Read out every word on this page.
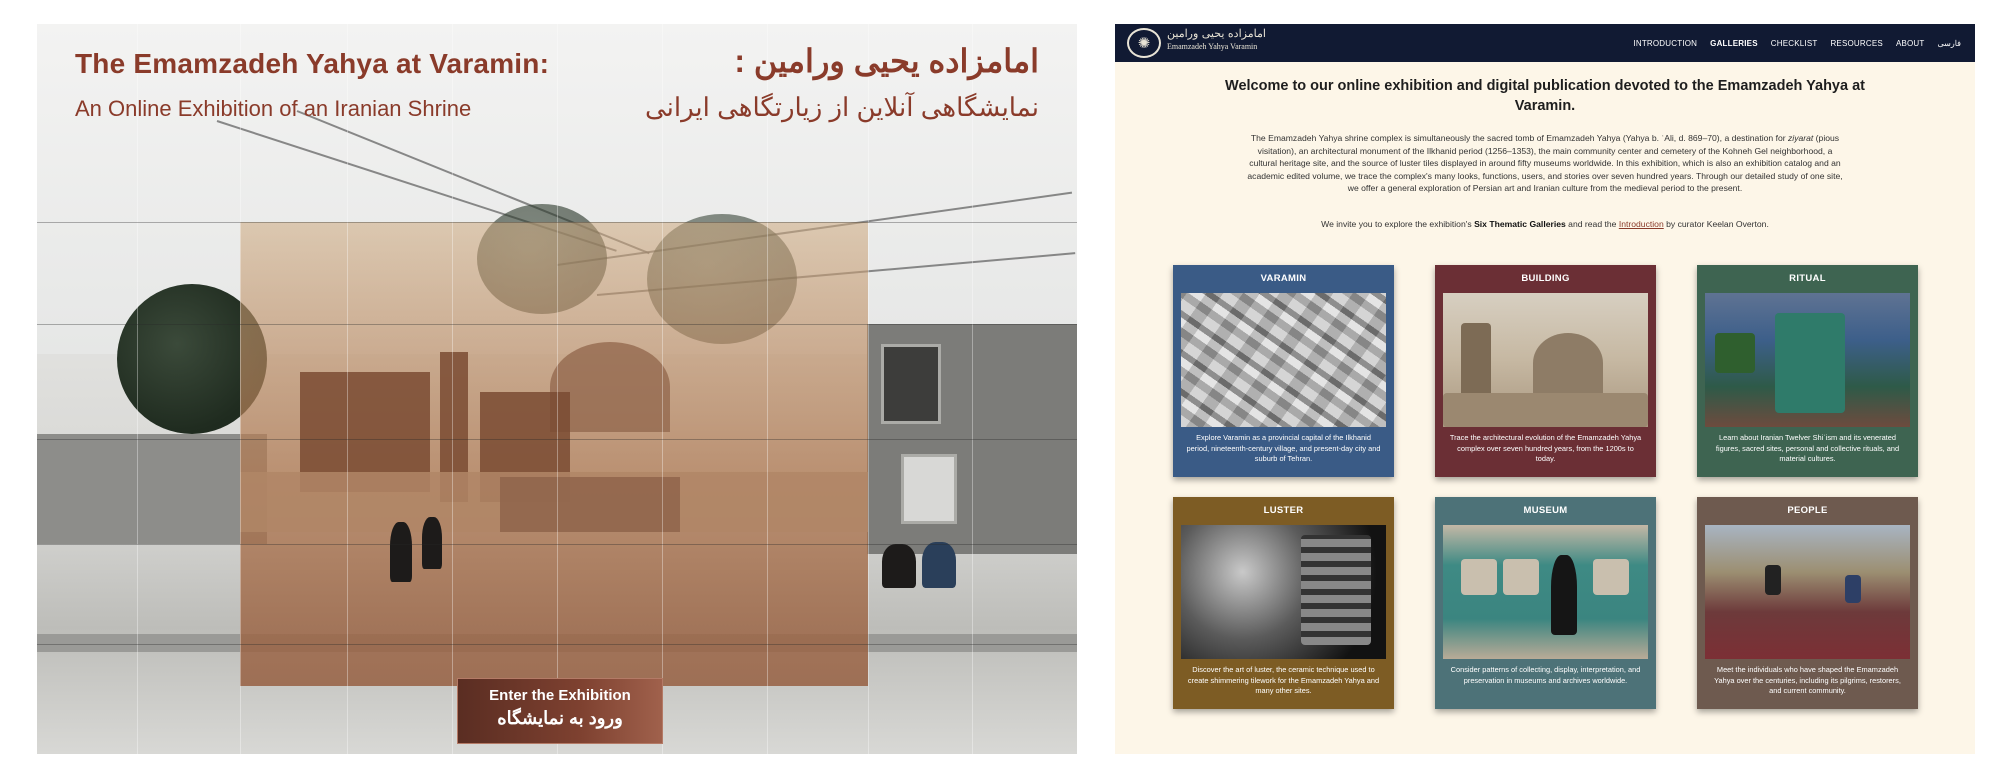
The Emamzadeh Yahya at Varamin:
An Online Exhibition of an Iranian Shrine
امامزاده یحیی ورامین :
نمایشگاهی آنلاین از زیارتگاهی ایرانی
Enter the Exhibition
ورود به نمایشگاه
✺
امامزاده یحیی ورامین
Emamzadeh Yahya Varamin	INTRODUCTION GALLERIES CHECKLIST RESOURCES ABOUT فارسی
Welcome to our online exhibition and digital publication devoted to the Emamzadeh Yahya at Varamin.
The Emamzadeh Yahya shrine complex is simultaneously the sacred tomb of Emamzadeh Yahya (Yahya b. ʿAli, d. 869–70), a destination for ziyarat (pious visitation), an architectural monument of the Ilkhanid period (1256–1353), the main community center and cemetery of the Kohneh Gel neighborhood, a cultural heritage site, and the source of luster tiles displayed in around fifty museums worldwide. In this exhibition, which is also an exhibition catalog and an academic edited volume, we trace the complex's many looks, functions, users, and stories over seven hundred years. Through our detailed study of one site, we offer a general exploration of Persian art and Iranian culture from the medieval period to the present.
We invite you to explore the exhibition's Six Thematic Galleries and read the Introduction by curator Keelan Overton.
VARAMIN
Explore Varamin as a provincial capital of the Ilkhanid period, nineteenth-century village, and present-day city and suburb of Tehran.
BUILDING
Trace the architectural evolution of the Emamzadeh Yahya complex over seven hundred years, from the 1200s to today.
RITUAL
Learn about Iranian Twelver Shiʿism and its venerated figures, sacred sites, personal and collective rituals, and material cultures.
LUSTER
Discover the art of luster, the ceramic technique used to create shimmering tilework for the Emamzadeh Yahya and many other sites.
MUSEUM
Consider patterns of collecting, display, interpretation, and preservation in museums and archives worldwide.
PEOPLE
Meet the individuals who have shaped the Emamzadeh Yahya over the centuries, including its pilgrims, restorers, and current community.
